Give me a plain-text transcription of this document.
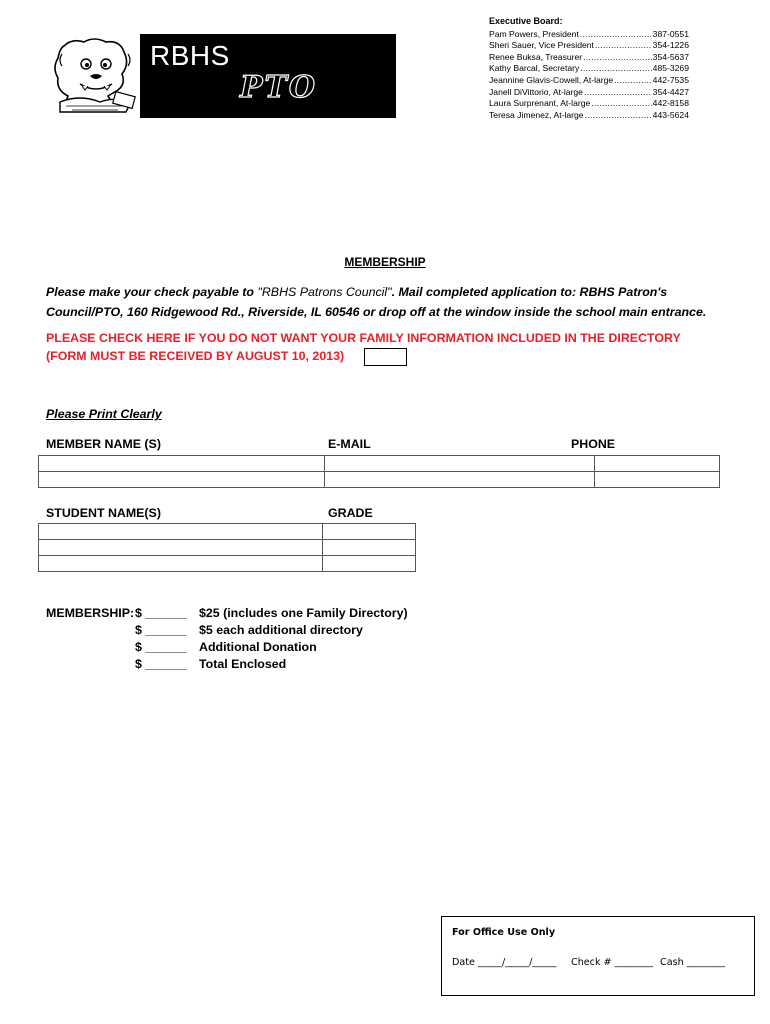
RBHS
PTO
Executive Board:
Pam Powers, President .....	387-0551
Sheri Sauer, Vice President .....	354-1226
Renee Buksa, Treasurer .....	354-5637
Kathy Barcal, Secretary .....	485-3269
Jeannine Glavis-Cowell, At-large .....	442-7535
Janell DiVittorio, At-large .....	354-4427
Laura Surprenant, At-large .....	442-8158
Teresa Jimenez, At-large .....	443-5624
MEMBERSHIP
Please make your check payable to "RBHS Patrons Council". Mail completed application to: RBHS Patron's Council/PTO, 160 Ridgewood Rd., Riverside, IL 60546 or drop off at the window inside the school main entrance.
PLEASE CHECK HERE IF YOU DO NOT WANT YOUR FAMILY INFORMATION INCLUDED IN THE DIRECTORY
(FORM MUST BE RECEIVED BY AUGUST 10, 2013)
Please Print Clearly
MEMBER NAME (S)	E-MAIL	PHONE

STUDENT NAME(S)	GRADE

MEMBERSHIP: $ ______ $25 (includes one Family Directory)
$ ______ $5 each additional directory
$ ______ Additional Donation
$ ______ Total Enclosed
For Office Use Only
Date _____/_____/_____ Check # ________ Cash ________
